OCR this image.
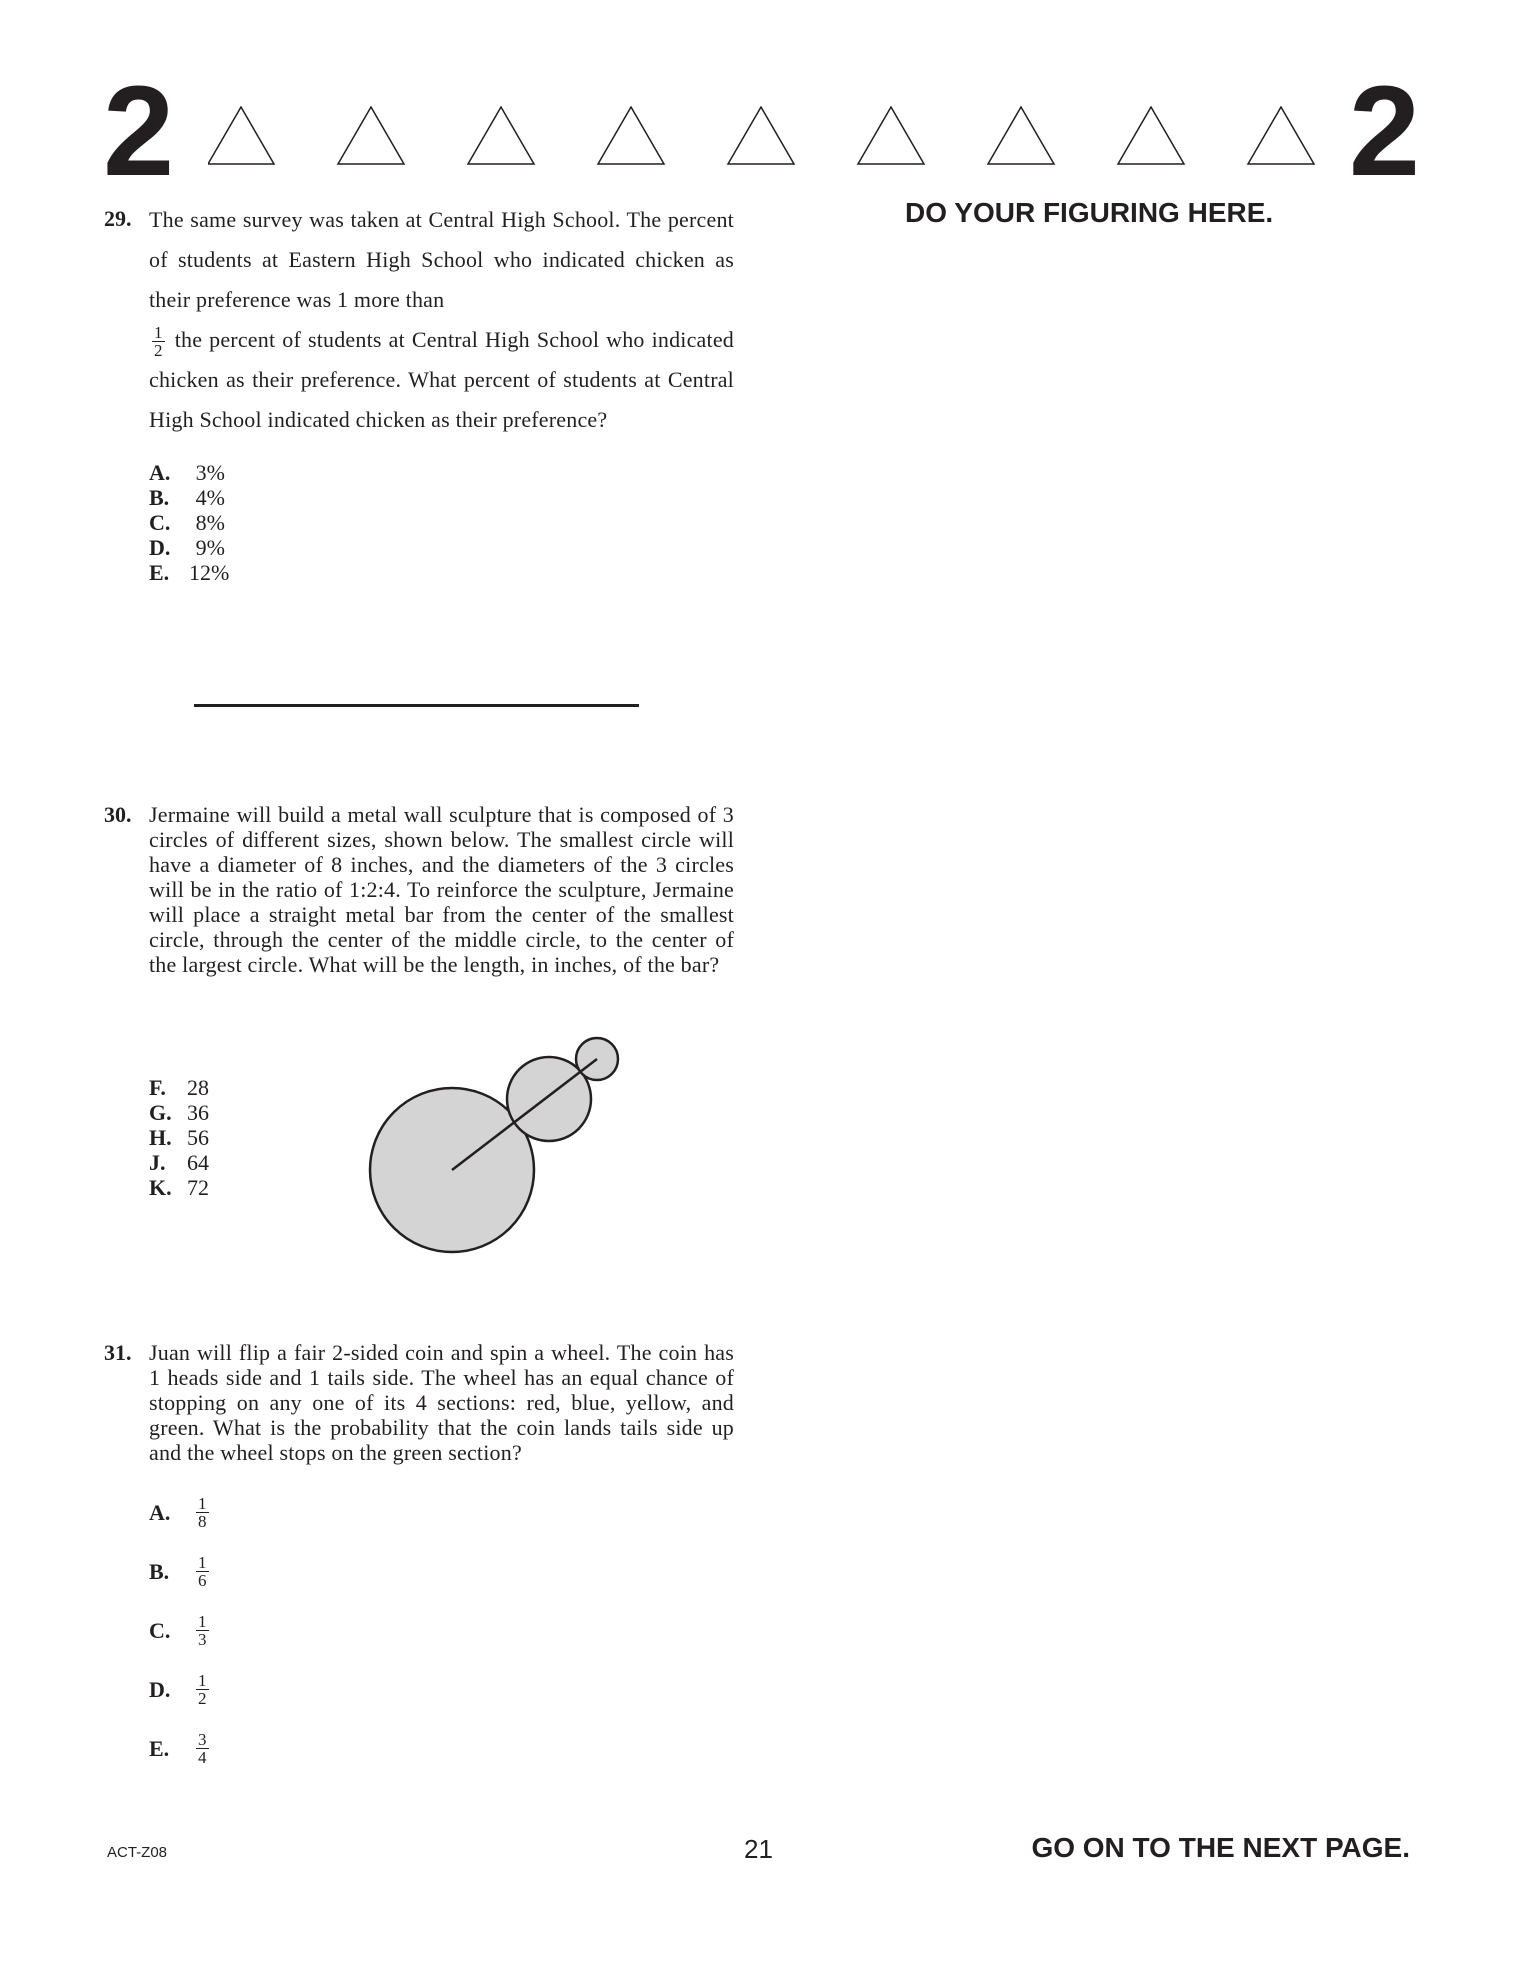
2	2
DO YOUR FIGURING HERE.
29. The same survey was taken at Central High School. The percent of students at Eastern High School who indicated chicken as their preference was 1 more than

$\frac{1}{2}$ the percent of students at Central High School who indicated chicken as their preference. What percent of students at Central High School indicated chicken as their preference?
A.	3%
B.	4%
C.	8%
D.	9%
E. 12%
30. Jermaine will build a metal wall sculpture that is composed of 3 circles of different sizes, shown below. The smallest circle will have a diameter of 8 inches, and the diameters of the 3 circles will be in the ratio of 1:2:4. To reinforce the sculpture, Jermaine will place a straight metal bar from the center of the smallest circle, through the center of the middle circle, to the center of the largest circle. What will be the length, in inches, of the bar?
F. 28
G. 36
H. 56
J. 64
K. 72
31. Juan will flip a fair 2-sided coin and spin a wheel. The coin has 1 heads side and 1 tails side. The wheel has an equal chance of stopping on any one of its 4 sections: red, blue, yellow, and green. What is the probability that the coin lands tails side up and the wheel stops on the green section?
A.	$\frac{1}{8}$
B.	$\frac{1}{6}$
C.	$\frac{1}{3}$
D.	$\frac{1}{2}$
E.	$\frac{3}{4}$
ACT-Z08	21	GO ON TO THE NEXT PAGE.
